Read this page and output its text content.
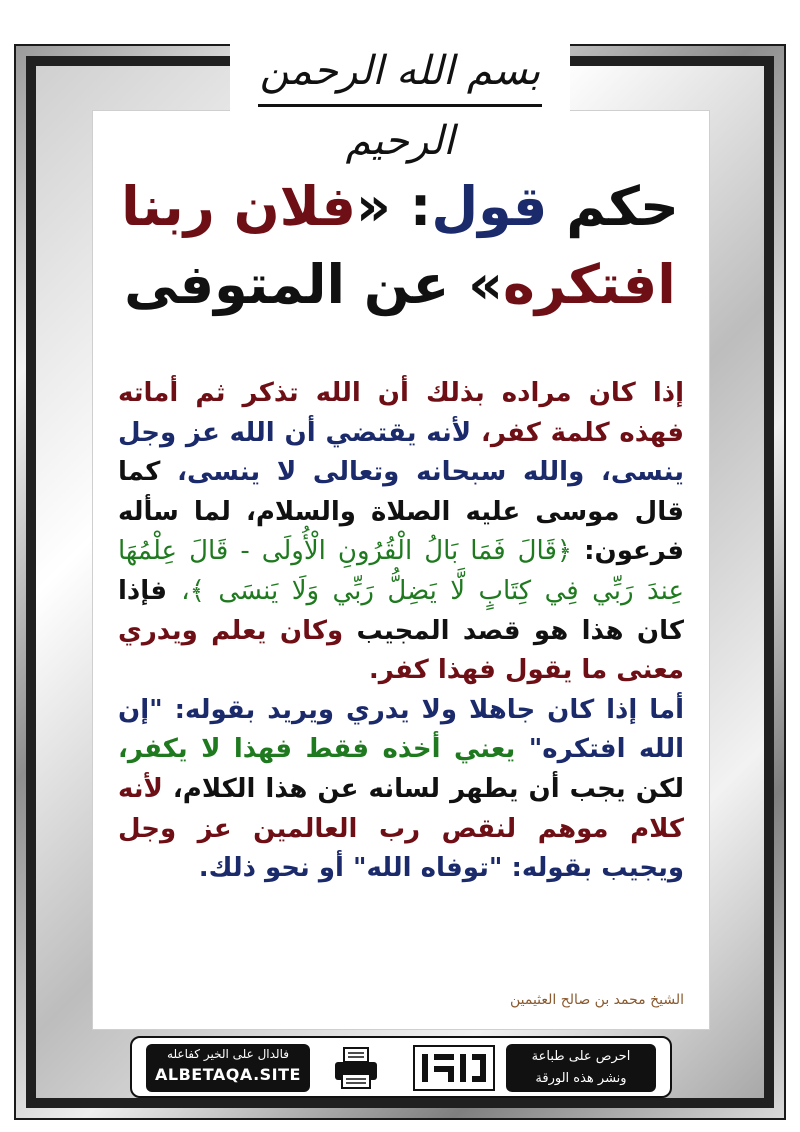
بسم الله الرحمن الرحيم
حكم قول: «فلان ربنا افتكره» عن المتوفى
إذا كان مراده بذلك أن الله تذكر ثم أماته فهذه كلمة كفر، لأنه يقتضي أن الله عز وجل ينسى، والله سبحانه وتعالى لا ينسى، كما قال موسى عليه الصلاة والسلام، لما سأله فرعون: ﴿قَالَ فَمَا بَالُ الْقُرُونِ الْأُولَى - قَالَ عِلْمُهَا عِندَ رَبِّي فِي كِتَابٍ لَّا يَضِلُّ رَبِّي وَلَا يَنسَى ﴾، فإذا كان هذا هو قصد المجيب وكان يعلم ويدري معنى ما يقول فهذا كفر.
أما إذا كان جاهلا ولا يدري ويريد بقوله: "إن الله افتكره" يعني أخذه فقط فهذا لا يكفر، لكن يجب أن يطهر لسانه عن هذا الكلام، لأنه كلام موهم لنقص رب العالمين عز وجل ويجيب بقوله: "توفاه الله" أو نحو ذلك.
الشيخ محمد بن صالح العثيمين
فالدال على الخير كفاعله
ALBETAQA.SITE
احرص على طباعة
ونشر هذه الورقة
